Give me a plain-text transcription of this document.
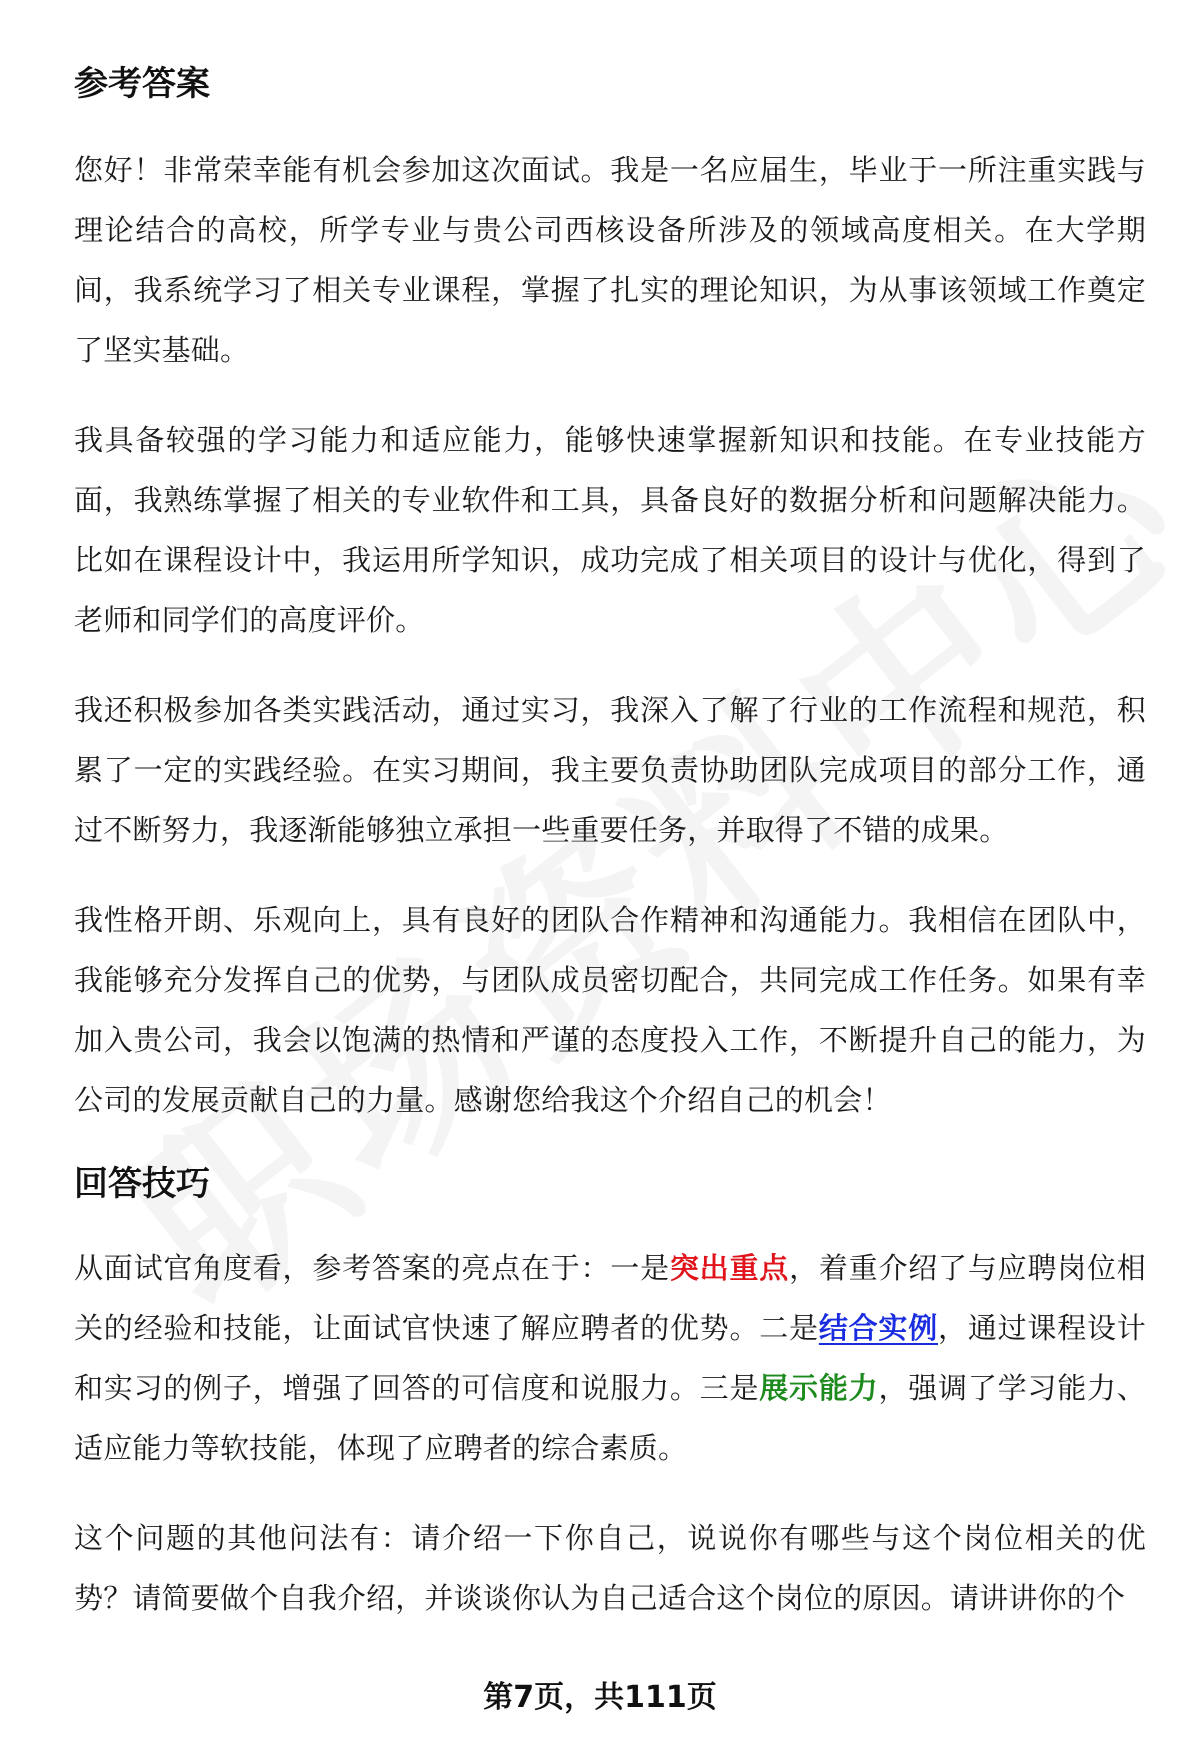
参考答案

您好！非常荣幸能有机会参加这次面试。我是一名应届生，毕业于一所注重实践与理论结合的高校，所学专业与贵公司西核设备所涉及的领域高度相关。在大学期间，我系统学习了相关专业课程，掌握了扎实的理论知识，为从事该领域工作奠定了坚实基础。

我具备较强的学习能力和适应能力，能够快速掌握新知识和技能。在专业技能方面，我熟练掌握了相关的专业软件和工具，具备良好的数据分析和问题解决能力。比如在课程设计中，我运用所学知识，成功完成了相关项目的设计与优化，得到了老师和同学们的高度评价。

我还积极参加各类实践活动，通过实习，我深入了解了行业的工作流程和规范，积累了一定的实践经验。在实习期间，我主要负责协助团队完成项目的部分工作，通过不断努力，我逐渐能够独立承担一些重要任务，并取得了不错的成果。

我性格开朗、乐观向上，具有良好的团队合作精神和沟通能力。我相信在团队中，我能够充分发挥自己的优势，与团队成员密切配合，共同完成工作任务。如果有幸加入贵公司，我会以饱满的热情和严谨的态度投入工作，不断提升自己的能力，为公司的发展贡献自己的力量。感谢您给我这个介绍自己的机会！

回答技巧

从面试官角度看，参考答案的亮点在于：一是突出重点，着重介绍了与应聘岗位相关的经验和技能，让面试官快速了解应聘者的优势。二是结合实例，通过课程设计和实习的例子，增强了回答的可信度和说服力。三是展示能力，强调了学习能力、适应能力等软技能，体现了应聘者的综合素质。

这个问题的其他问法有：请介绍一下你自己，说说你有哪些与这个岗位相关的优势？请简要做个自我介绍，并谈谈你认为自己适合这个岗位的原因。请讲讲你的个

第7页，共111页
